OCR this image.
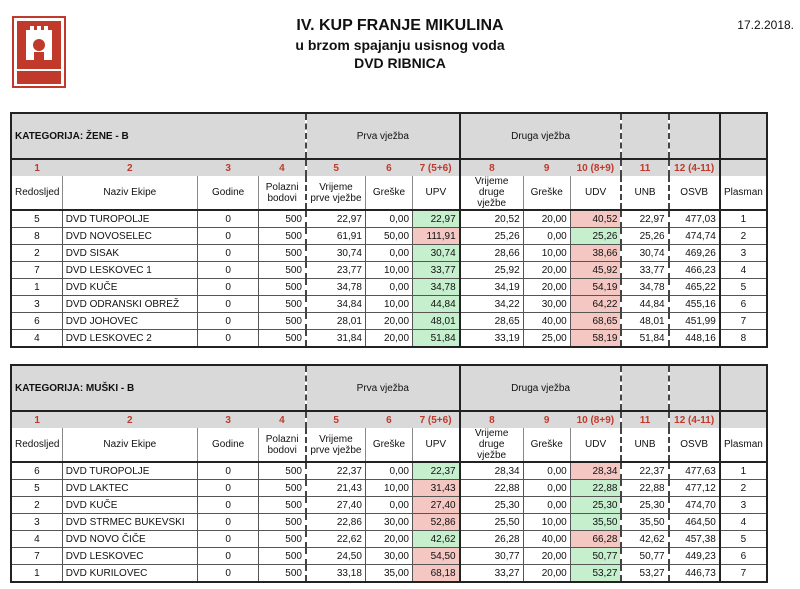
IV. KUP FRANJE MIKULINA
u brzom spajanju usisnog voda
DVD RIBNICA
17.2.2018.
KATEGORIJA: ŽENE - B				Prva vježba			Druga vježba					
1	2	3	4	5	6	7 (5+6)	8	9	10 (8+9)	11	12 (4-11)	
Redosljed	Naziv Ekipe	Godine	Polazni bodovi	Vrijeme prve vježbe	Greške	UPV	Vrijeme druge vježbe	Greške	UDV	UNB	OSVB	Plasman
5	DVD TUROPOLJE	0	500	22,97	0,00	22,97	20,52	20,00	40,52	22,97	477,03	1
8	DVD NOVOSELEC	0	500	61,91	50,00	111,91	25,26	0,00	25,26	25,26	474,74	2
2	DVD SISAK	0	500	30,74	0,00	30,74	28,66	10,00	38,66	30,74	469,26	3
7	DVD LESKOVEC 1	0	500	23,77	10,00	33,77	25,92	20,00	45,92	33,77	466,23	4
1	DVD KUČE	0	500	34,78	0,00	34,78	34,19	20,00	54,19	34,78	465,22	5
3	DVD ODRANSKI OBREŽ	0	500	34,84	10,00	44,84	34,22	30,00	64,22	44,84	455,16	6
6	DVD JOHOVEC	0	500	28,01	20,00	48,01	28,65	40,00	68,65	48,01	451,99	7
4	DVD LESKOVEC 2	0	500	31,84	20,00	51,84	33,19	25,00	58,19	51,84	448,16	8
KATEGORIJA: MUŠKI - B				Prva vježba			Druga vježba					
1	2	3	4	5	6	7 (5+6)	8	9	10 (8+9)	11	12 (4-11)	
Redosljed	Naziv Ekipe	Godine	Polazni bodovi	Vrijeme prve vježbe	Greške	UPV	Vrijeme druge vježbe	Greške	UDV	UNB	OSVB	Plasman
6	DVD TUROPOLJE	0	500	22,37	0,00	22,37	28,34	0,00	28,34	22,37	477,63	1
5	DVD LAKTEC	0	500	21,43	10,00	31,43	22,88	0,00	22,88	22,88	477,12	2
2	DVD KUČE	0	500	27,40	0,00	27,40	25,30	0,00	25,30	25,30	474,70	3
3	DVD STRMEC BUKEVSKI	0	500	22,86	30,00	52,86	25,50	10,00	35,50	35,50	464,50	4
4	DVD NOVO ČIČE	0	500	22,62	20,00	42,62	26,28	40,00	66,28	42,62	457,38	5
7	DVD LESKOVEC	0	500	24,50	30,00	54,50	30,77	20,00	50,77	50,77	449,23	6
1	DVD KURILOVEC	0	500	33,18	35,00	68,18	33,27	20,00	53,27	53,27	446,73	7
